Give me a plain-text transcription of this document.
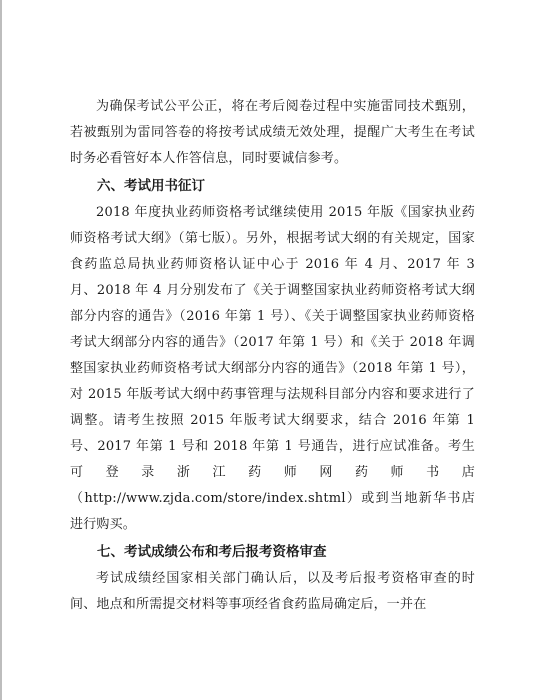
为确保考试公平公正，将在考后阅卷过程中实施雷同技术甄别，若被甄别为雷同答卷的将按考试成绩无效处理，提醒广大考生在考试时务必看管好本人作答信息，同时要诚信参考。

六、考试用书征订

2018 年度执业药师资格考试继续使用 2015 年版《国家执业药师资格考试大纲》（第七版）。另外，根据考试大纲的有关规定，国家食药监总局执业药师资格认证中心于 2016 年 4 月、2017 年 3 月、2018 年 4 月分别发布了《关于调整国家执业药师资格考试大纲部分内容的通告》（2016 年第 1 号）、《关于调整国家执业药师资格考试大纲部分内容的通告》（2017 年第 1 号）和《关于 2018 年调整国家执业药师资格考试大纲部分内容的通告》（2018 年第 1 号），对 2015 年版考试大纲中药事管理与法规科目部分内容和要求进行了调整。请考生按照 2015 年版考试大纲要求，结合 2016 年第 1 号、2017 年第 1 号和 2018 年第 1 号通告，进行应试准备。考生可登录浙江药师网药师书店（http://www.zjda.com/store/index.shtml）或到当地新华书店进行购买。

七、考试成绩公布和考后报考资格审查

考试成绩经国家相关部门确认后，以及考后报考资格审查的时间、地点和所需提交材料等事项经省食药监局确定后，一并在
